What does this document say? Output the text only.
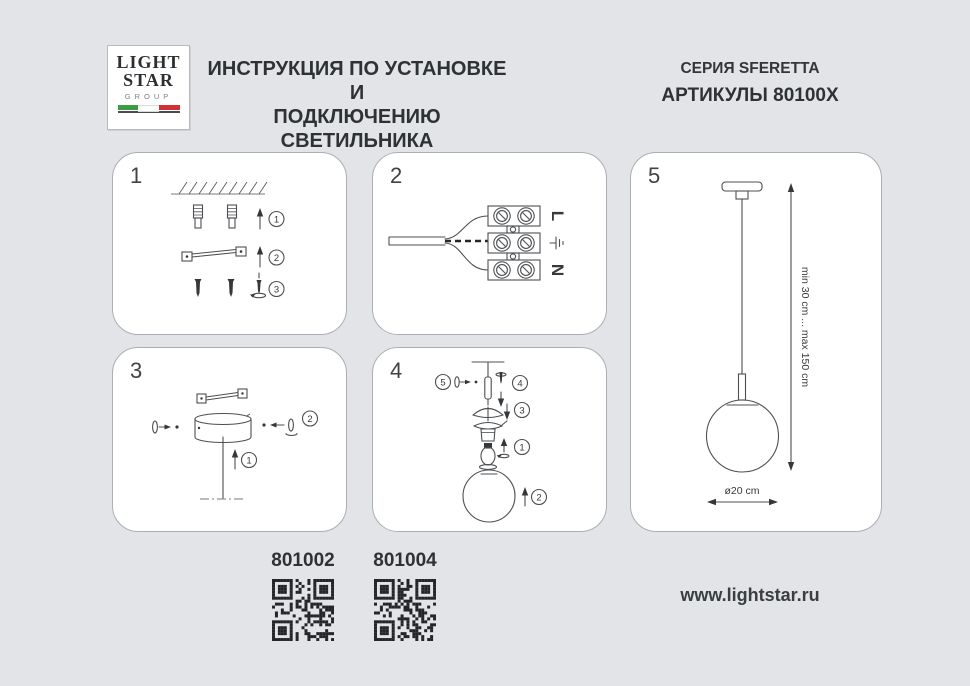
LIGHT
STAR
GROUP
ИНСТРУКЦИЯ ПО УСТАНОВКЕ И
ПОДКЛЮЧЕНИЮ СВЕТИЛЬНИКА
СЕРИЯ SFERETTA
АРТИКУЛЫ 80100X
1
1
2
3
2
L
N
3
2
1
4	5	4
3
1
2
5
min 30 cm ... max 150 cm
ø20 cm
801002	801004
www.lightstar.ru
